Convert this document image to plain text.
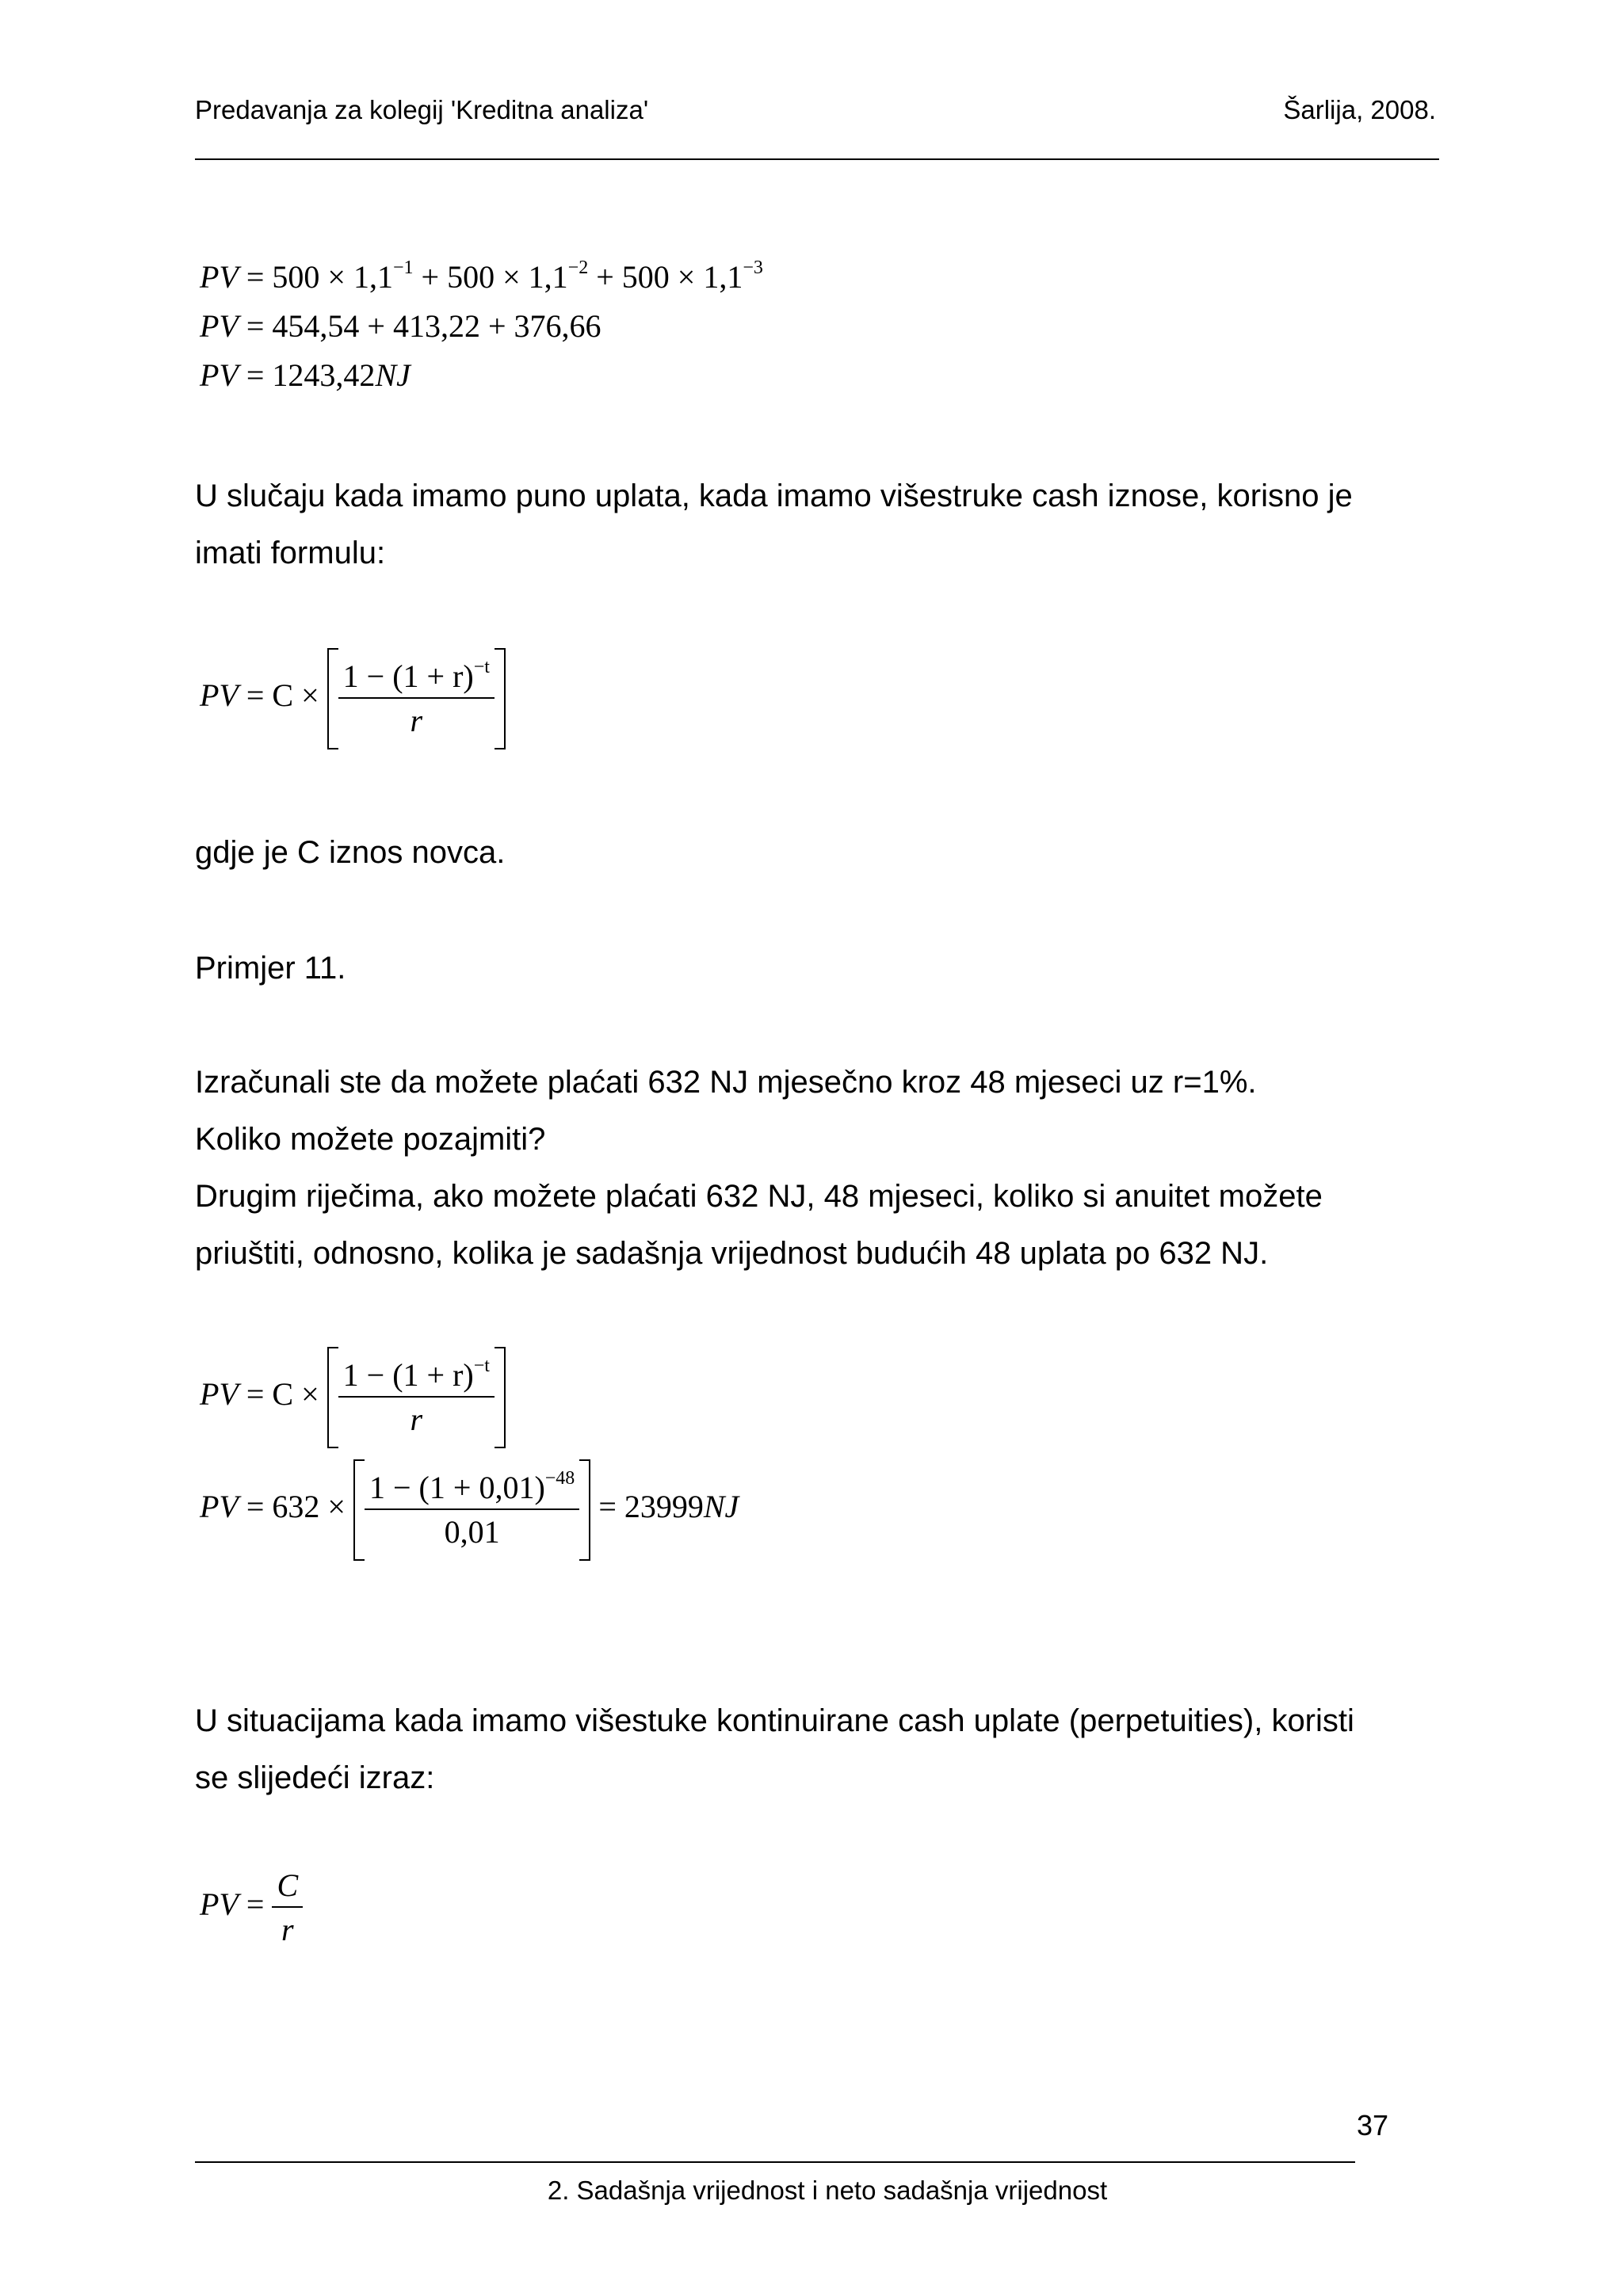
Predavanja za kolegij 'Kreditna analiza'	Šarlija, 2008.
PV = $500 \times 1,1^{-1} + 500 \times 1,1^{-2} + 500 \times 1,1^{-3}$
PV = 454,54 + 413,22 + 376,66
PV = 1243,42NJ
U slučaju kada imamo puno uplata, kada imamo višestruke cash iznose, korisno je
imati formulu:
PV = $C \times \frac{1 - (1 + r)^{-t}}{r}$
gdje je C iznos novca.
Primjer 11.
Izračunali ste da možete plaćati 632 NJ mjesečno kroz 48 mjeseci uz r=1%.
Koliko možete pozajmiti?
Drugim riječima, ako možete plaćati 632 NJ, 48 mjeseci, koliko si anuitet možete
priuštiti, odnosno, kolika je sadašnja vrijednost budućih 48 uplata po 632 NJ.
PV = $C \times \frac{1 - (1 + r)^{-t}}{r}$
PV = $632 \times \frac{1 - (1 + 0,01)^{-48}}{0,01} = 23999NJ$
U situacijama kada imamo višestuke kontinuirane cash uplate (perpetuities), koristi
se slijedeći izraz:
PV = $\frac{C}{r}$
37
2. Sadašnja vrijednost i neto sadašnja vrijednost
